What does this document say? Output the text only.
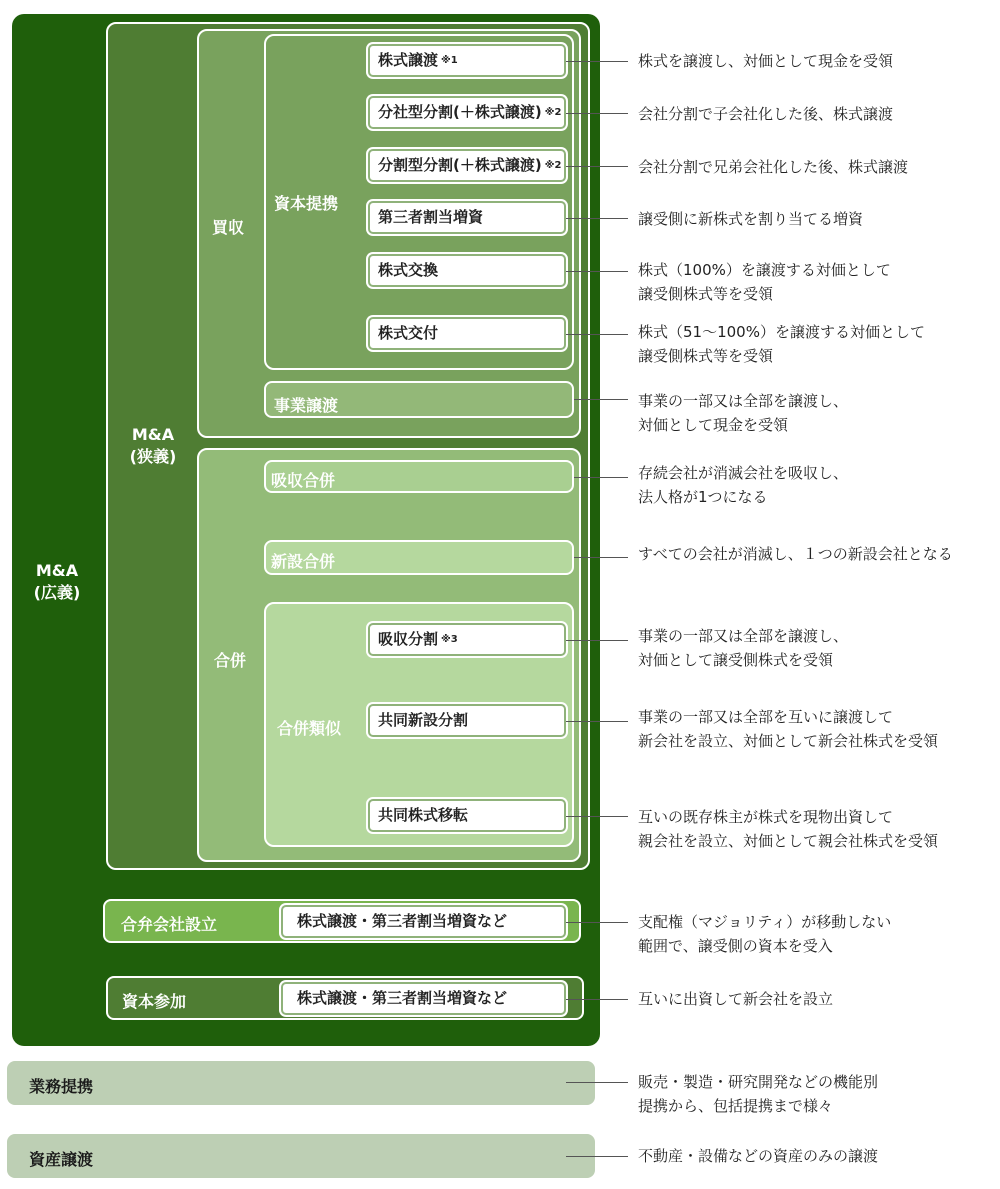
M&A
(広義)
M&A
(狭義)
買収
資本提携
事業譲渡
合併
吸収合併
新設合併
合併類似
合弁会社設立
資本参加
業務提携
資産譲渡
株式譲渡 ※1
分社型分割(＋株式譲渡) ※2
分割型分割(＋株式譲渡) ※2
第三者割当増資
株式交換
株式交付
吸収分割 ※3
共同新設分割
共同株式移転
株式譲渡・第三者割当増資など
株式譲渡・第三者割当増資など
株式を譲渡し、対価として現金を受領
会社分割で子会社化した後、株式譲渡
会社分割で兄弟会社化した後、株式譲渡
譲受側に新株式を割り当てる増資
株式（100%）を譲渡する対価として
譲受側株式等を受領
株式（51〜100%）を譲渡する対価として
譲受側株式等を受領
事業の一部又は全部を譲渡し、
対価として現金を受領
存続会社が消滅会社を吸収し、
法人格が1つになる
すべての会社が消滅し、１つの新設会社となる
事業の一部又は全部を譲渡し、
対価として譲受側株式を受領
事業の一部又は全部を互いに譲渡して
新会社を設立、対価として新会社株式を受領
互いの既存株主が株式を現物出資して
親会社を設立、対価として親会社株式を受領
支配権（マジョリティ）が移動しない
範囲で、譲受側の資本を受入
互いに出資して新会社を設立
販売・製造・研究開発などの機能別
提携から、包括提携まで様々
不動産・設備などの資産のみの譲渡
